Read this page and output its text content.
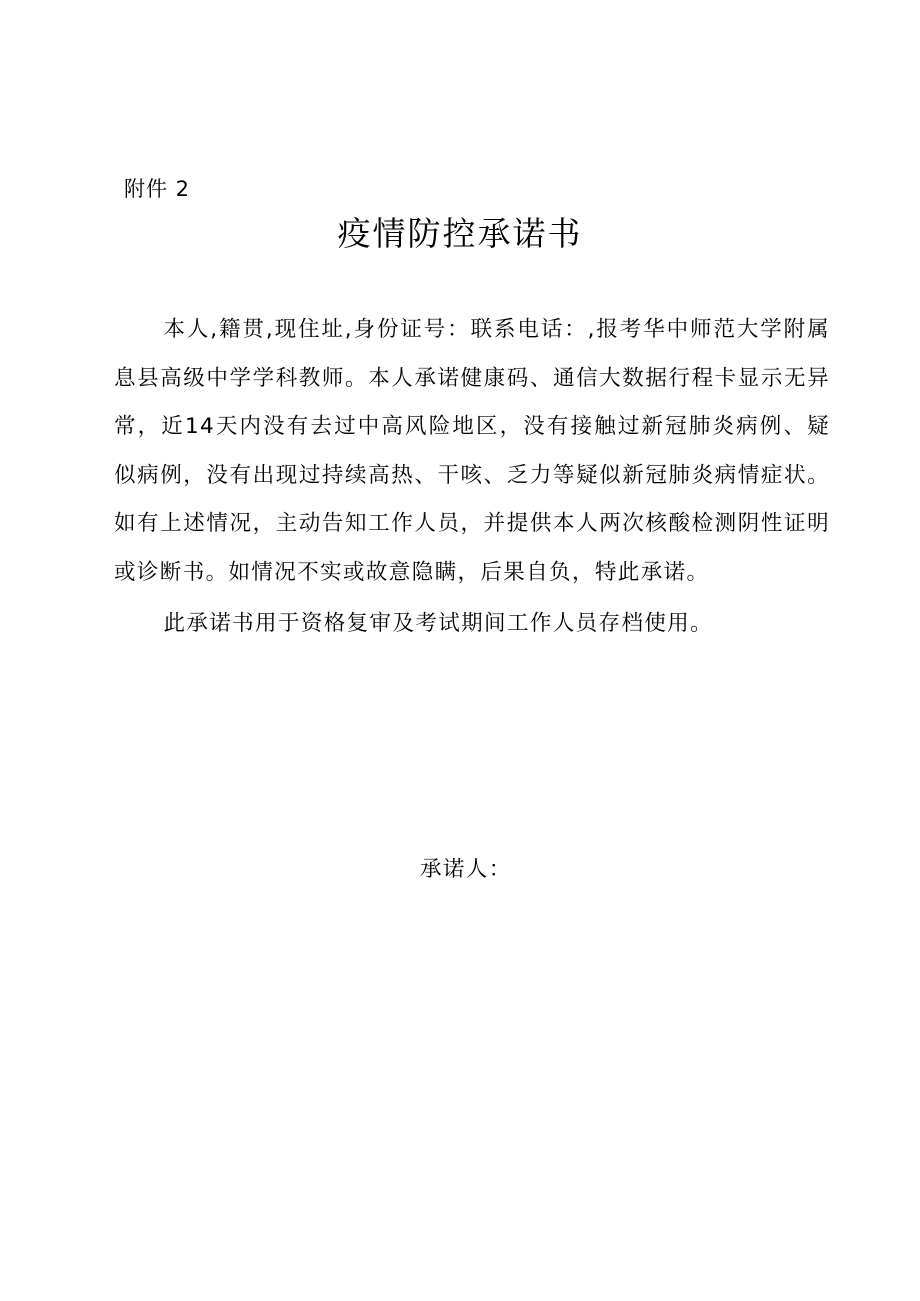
附件 2
疫情防控承诺书

本人,籍贯,现住址,身份证号：联系电话：,报考华中师范大学附属息县高级中学学科教师。本人承诺健康码、通信大数据行程卡显示无异常，近14天内没有去过中高风险地区，没有接触过新冠肺炎病例、疑似病例，没有出现过持续高热、干咳、乏力等疑似新冠肺炎病情症状。如有上述情况，主动告知工作人员，并提供本人两次核酸检测阴性证明或诊断书。如情况不实或故意隐瞒，后果自负，特此承诺。

此承诺书用于资格复审及考试期间工作人员存档使用。

承诺人：
